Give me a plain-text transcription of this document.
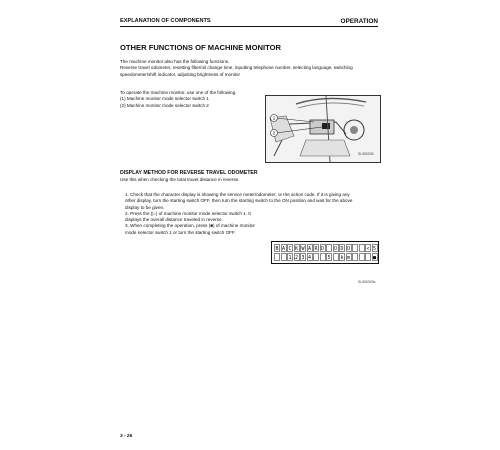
EXPLANATION OF COMPONENTS	OPERATION
OTHER FUNCTIONS OF MACHINE MONITOR
The machine monitor also has the following functions.
Reverse travel odometer, resetting filter/oil change time, inputting telephone number, selecting language, switching
speedometer/shift indicator, adjusting brightness of monitor
To operate the machine monitor, use one of the following.
(1) Machine monitor mode selector switch 1
(2) Machine monitor mode selector switch 2
1
2
SL550306
DISPLAY METHOD FOR REVERSE TRAVEL ODOMETER
Use this when checking the total travel distance in reverse.
1. Check that the character display is showing the service meter/odometer, or the action code. If it is giving any
other display, turn the starting switch OFF, then turn the starting switch to the ON position and wait for the above
display to be given.
2. Press the (▷) of machine monitor mode selector switch 1. It
displays the overall distance traveled in reverse.
3. When completing the operation, press (■) of machine monitor
mode selector switch 1 or turn the starting switch OFF.
B A C K W A R D	O D O	< 5
1 2 3 4	5	k m	■
SL550309a
3 - 26
